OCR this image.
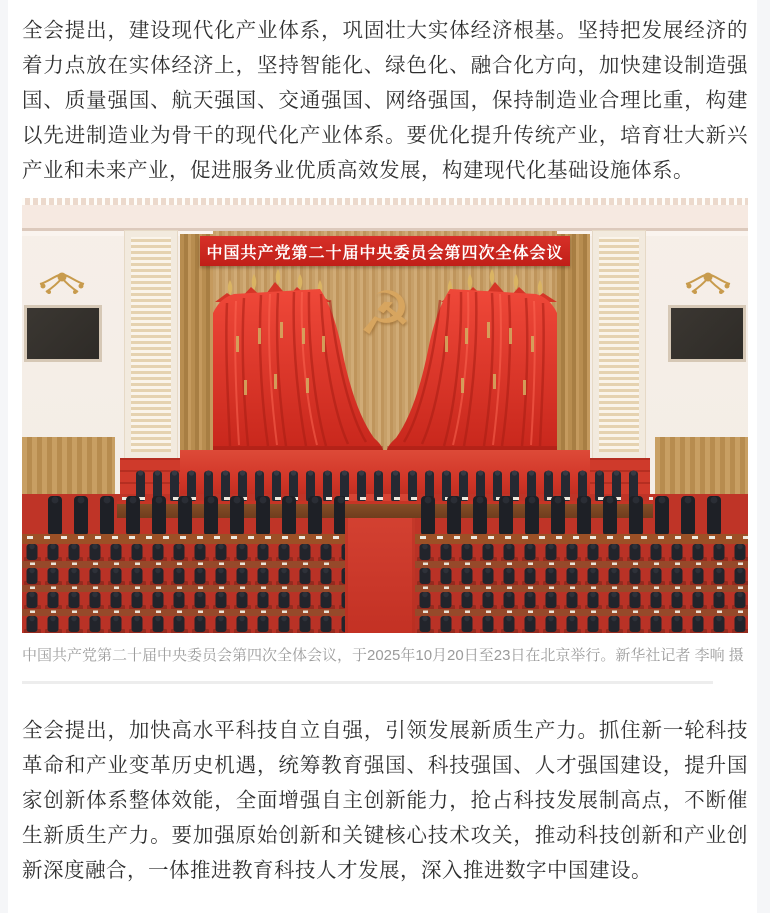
全会提出，建设现代化产业体系，巩固壮大实体经济根基。坚持把发展经济的着力点放在实体经济上，坚持智能化、绿色化、融合化方向，加快建设制造强国、质量强国、航天强国、交通强国、网络强国，保持制造业合理比重，构建以先进制造业为骨干的现代化产业体系。要优化提升传统产业，培育壮大新兴产业和未来产业，促进服务业优质高效发展，构建现代化基础设施体系。

中国共产党第二十届中央委员会第四次全体会议
☭
中国共产党第二十届中央委员会第四次全体会议，于2025年10月20日至23日在北京举行。新华社记者 李响 摄

全会提出，加快高水平科技自立自强，引领发展新质生产力。抓住新一轮科技革命和产业变革历史机遇，统筹教育强国、科技强国、人才强国建设，提升国家创新体系整体效能，全面增强自主创新能力，抢占科技发展制高点，不断催生新质生产力。要加强原始创新和关键核心技术攻关，推动科技创新和产业创新深度融合，一体推进教育科技人才发展，深入推进数字中国建设。
